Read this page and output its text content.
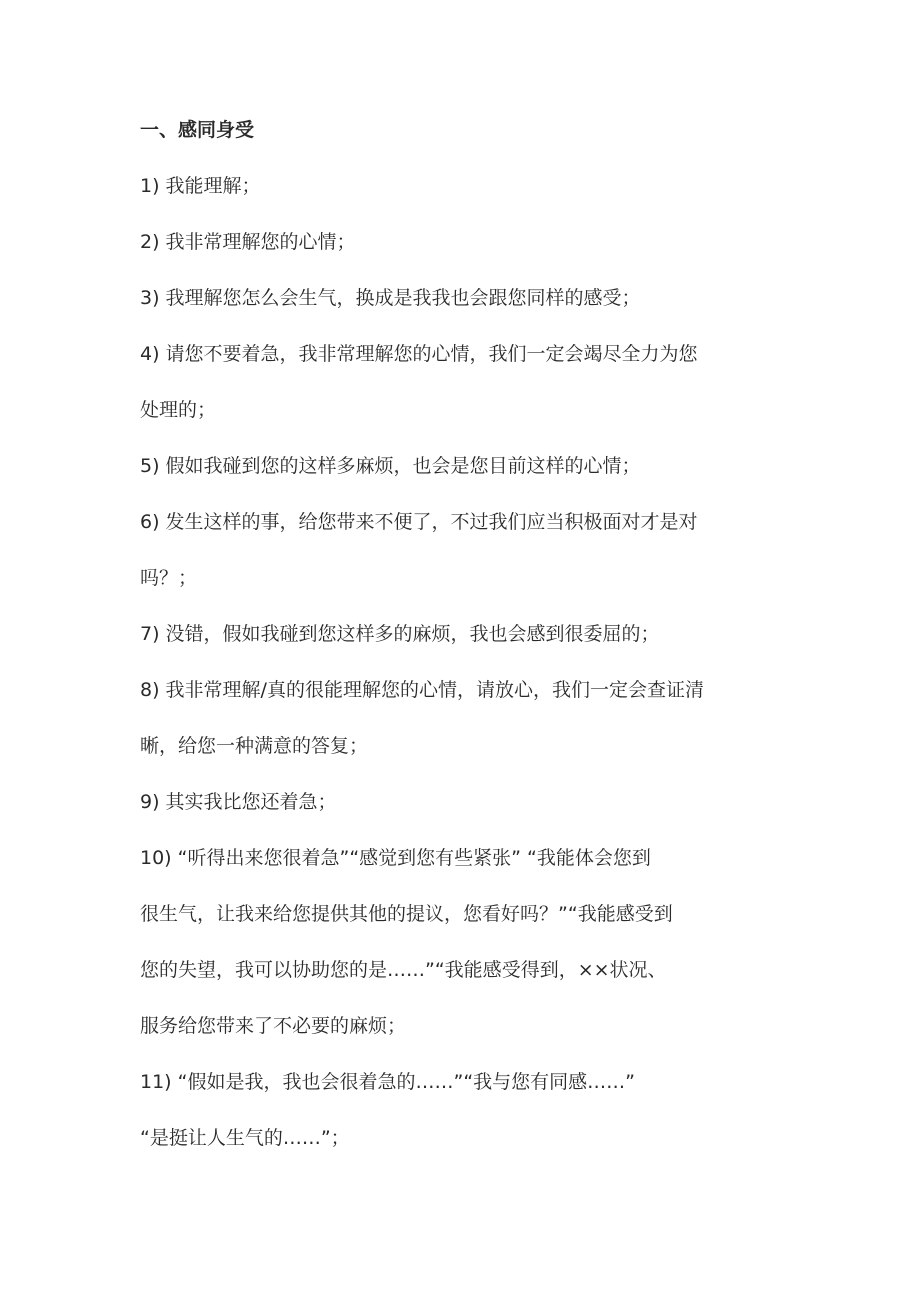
一、感同身受
1) 我能理解；
2) 我非常理解您的心情；
3) 我理解您怎么会生气，换成是我我也会跟您同样的感受；
4) 请您不要着急，我非常理解您的心情，我们一定会竭尽全力为您
处理的；
5) 假如我碰到您的这样多麻烦，也会是您目前这样的心情；
6) 发生这样的事，给您带来不便了，不过我们应当积极面对才是对
吗？；
7) 没错，假如我碰到您这样多的麻烦，我也会感到很委屈的；
8) 我非常理解/真的很能理解您的心情，请放心，我们一定会查证清
晰，给您一种满意的答复；
9) 其实我比您还着急；
10) “听得出来您很着急”“感觉到您有些紧张” “我能体会您到
很生气，让我来给您提供其他的提议，您看好吗？”“我能感受到
您的失望，我可以协助您的是……”“我能感受得到，××状况、
服务给您带来了不必要的麻烦；
11) “假如是我，我也会很着急的……”“我与您有同感……”
“是挺让人生气的……”；
